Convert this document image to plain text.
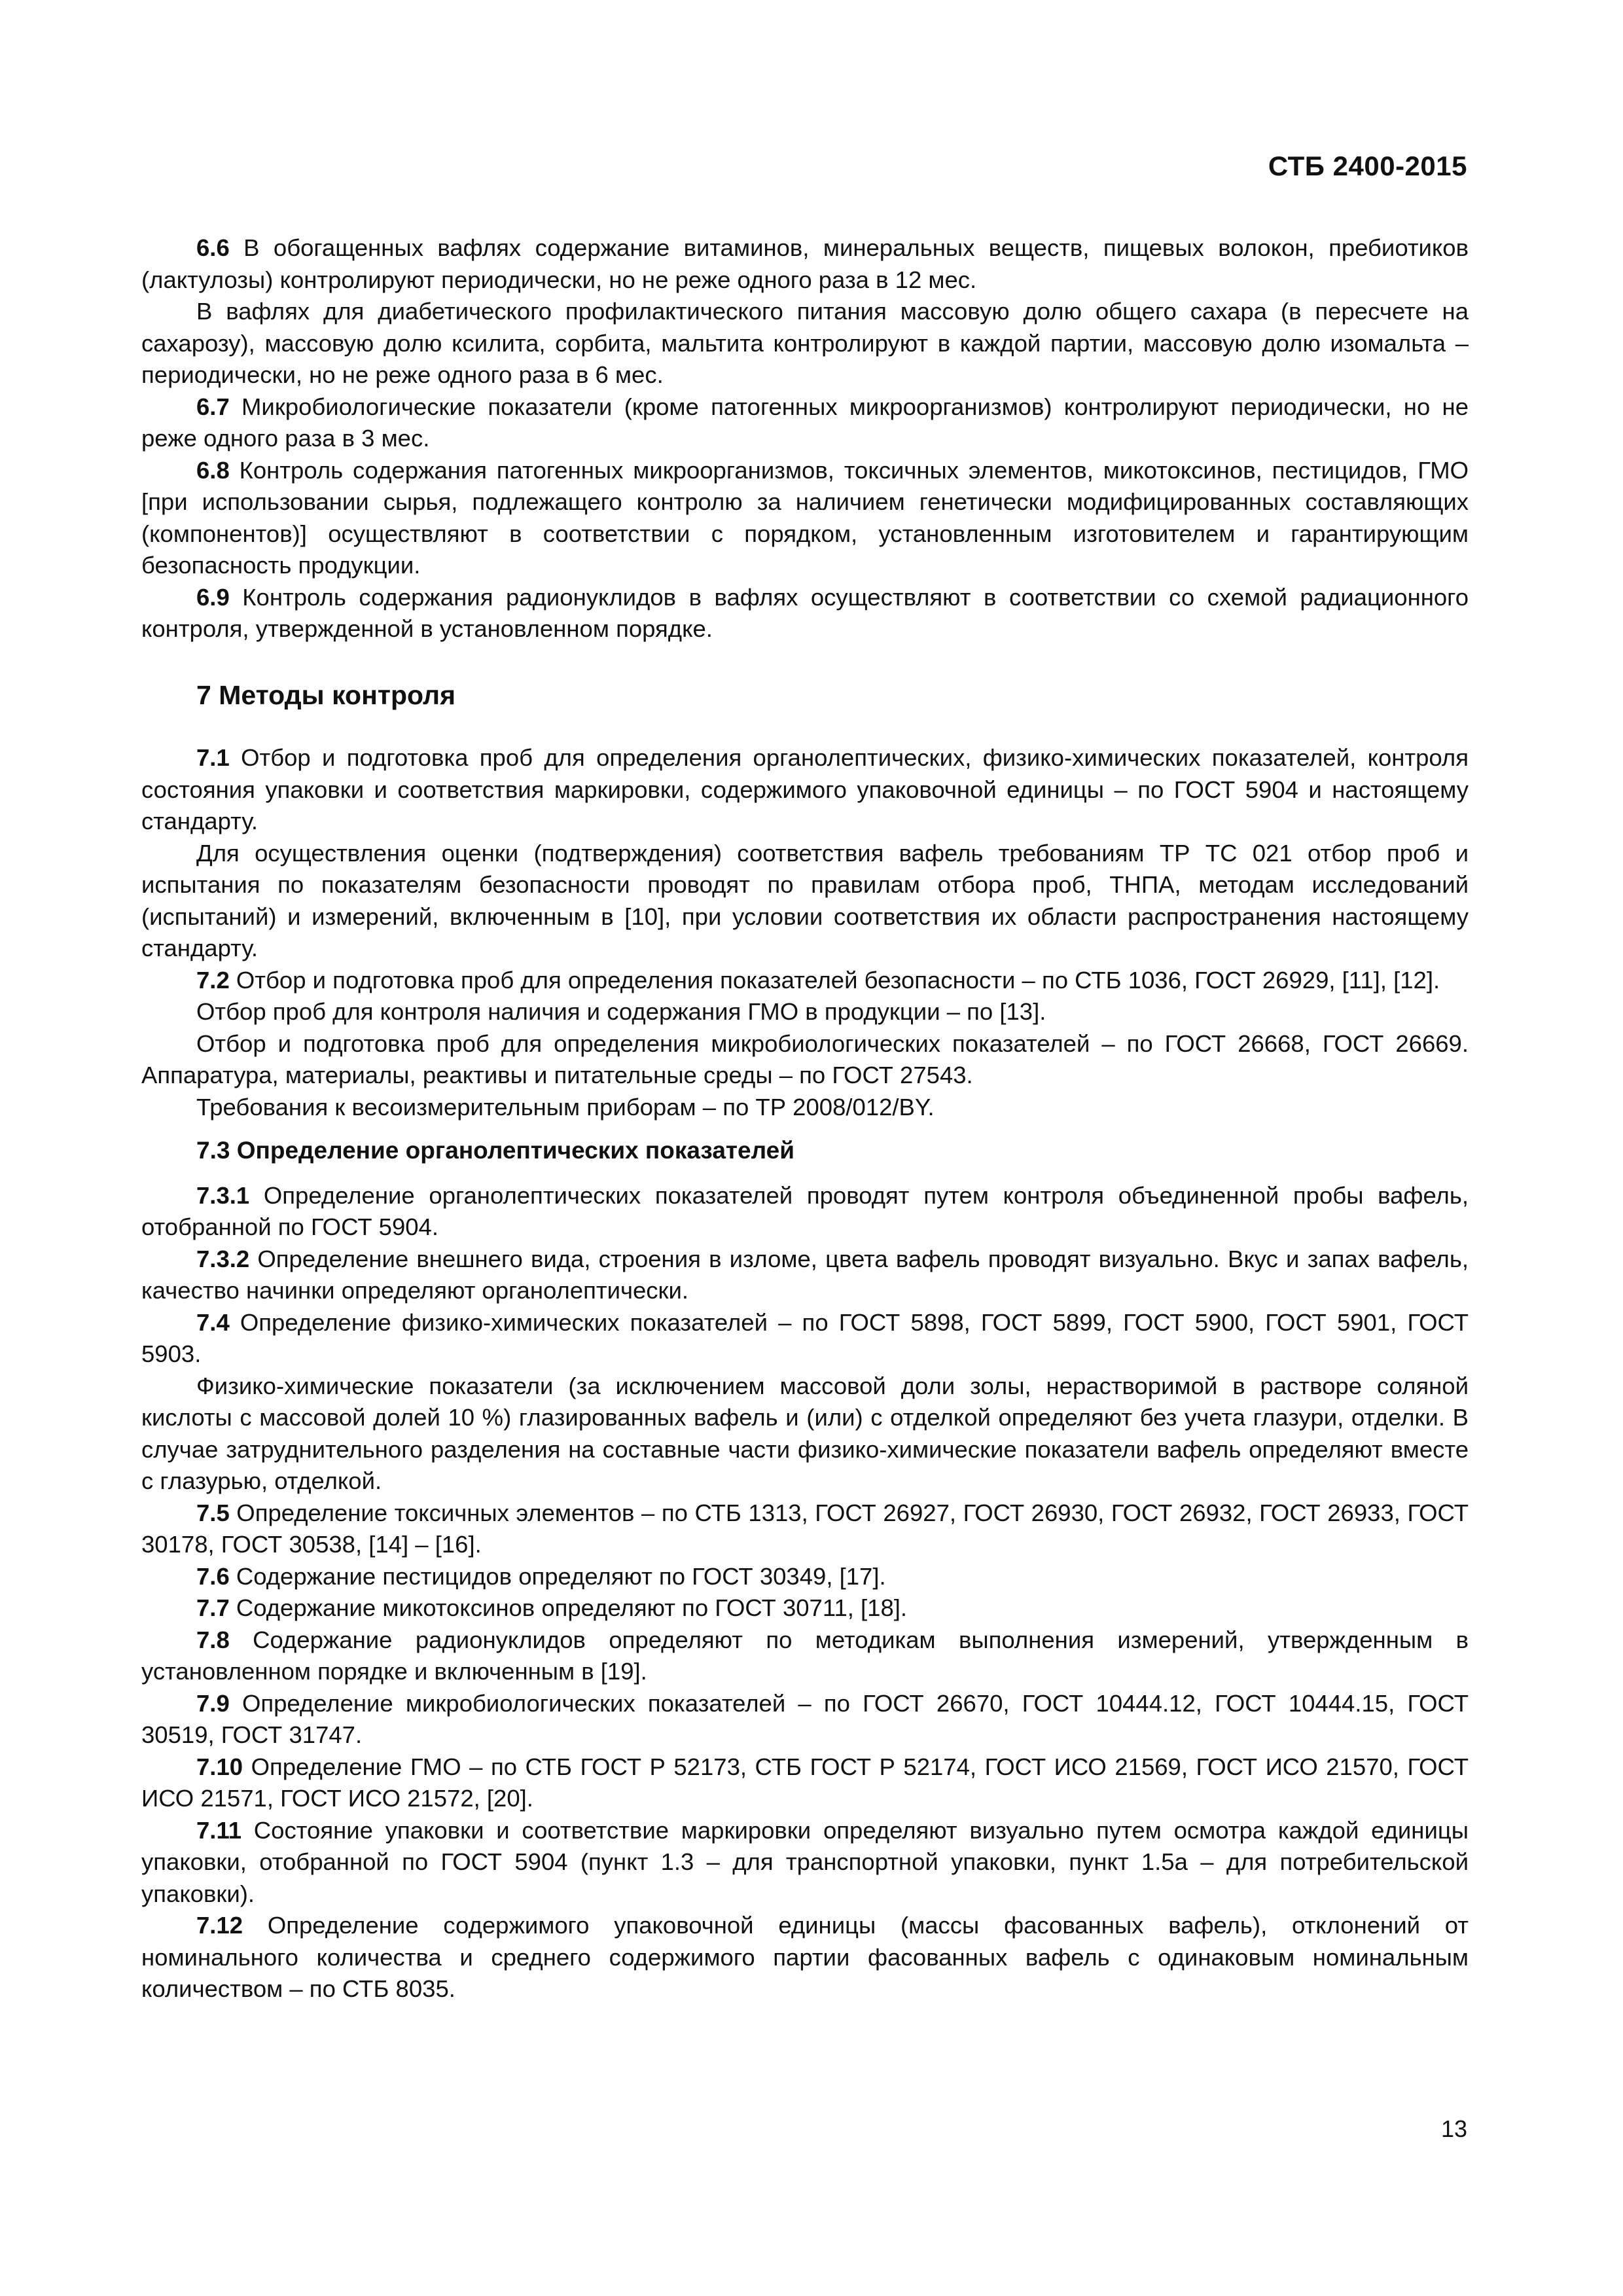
СТБ 2400-2015

6.6 В обогащенных вафлях содержание витаминов, минеральных веществ, пищевых волокон, пребиотиков (лактулозы) контролируют периодически, но не реже одного раза в 12 мес.

В вафлях для диабетического профилактического питания массовую долю общего сахара (в пересчете на сахарозу), массовую долю ксилита, сорбита, мальтита контролируют в каждой партии, массовую долю изомальта – периодически, но не реже одного раза в 6 мес.

6.7 Микробиологические показатели (кроме патогенных микроорганизмов) контролируют периодически, но не реже одного раза в 3 мес.

6.8 Контроль содержания патогенных микроорганизмов, токсичных элементов, микотоксинов, пестицидов, ГМО [при использовании сырья, подлежащего контролю за наличием генетически модифицированных составляющих (компонентов)] осуществляют в соответствии с порядком, установленным изготовителем и гарантирующим безопасность продукции.

6.9 Контроль содержания радионуклидов в вафлях осуществляют в соответствии со схемой радиационного контроля, утвержденной в установленном порядке.

7 Методы контроля

7.1 Отбор и подготовка проб для определения органолептических, физико-химических показателей, контроля состояния упаковки и соответствия маркировки, содержимого упаковочной единицы – по ГОСТ 5904 и настоящему стандарту.

Для осуществления оценки (подтверждения) соответствия вафель требованиям ТР ТС 021 отбор проб и испытания по показателям безопасности проводят по правилам отбора проб, ТНПА, методам исследований (испытаний) и измерений, включенным в [10], при условии соответствия их области распространения настоящему стандарту.

7.2 Отбор и подготовка проб для определения показателей безопасности – по СТБ 1036, ГОСТ 26929, [11], [12].

Отбор проб для контроля наличия и содержания ГМО в продукции – по [13].

Отбор и подготовка проб для определения микробиологических показателей – по ГОСТ 26668, ГОСТ 26669. Аппаратура, материалы, реактивы и питательные среды – по ГОСТ 27543.

Требования к весоизмерительным приборам – по ТР 2008/012/BY.

7.3 Определение органолептических показателей

7.3.1 Определение органолептических показателей проводят путем контроля объединенной пробы вафель, отобранной по ГОСТ 5904.

7.3.2 Определение внешнего вида, строения в изломе, цвета вафель проводят визуально. Вкус и запах вафель, качество начинки определяют органолептически.

7.4 Определение физико-химических показателей – по ГОСТ 5898, ГОСТ 5899, ГОСТ 5900, ГОСТ 5901, ГОСТ 5903.

Физико-химические показатели (за исключением массовой доли золы, нерастворимой в растворе соляной кислоты с массовой долей 10 %) глазированных вафель и (или) с отделкой определяют без учета глазури, отделки. В случае затруднительного разделения на составные части физико-химические показатели вафель определяют вместе с глазурью, отделкой.

7.5 Определение токсичных элементов – по СТБ 1313, ГОСТ 26927, ГОСТ 26930, ГОСТ 26932, ГОСТ 26933, ГОСТ 30178, ГОСТ 30538, [14] – [16].

7.6 Содержание пестицидов определяют по ГОСТ 30349, [17].

7.7 Содержание микотоксинов определяют по ГОСТ 30711, [18].

7.8 Содержание радионуклидов определяют по методикам выполнения измерений, утвержденным в установленном порядке и включенным в [19].

7.9 Определение микробиологических показателей – по ГОСТ 26670, ГОСТ 10444.12, ГОСТ 10444.15, ГОСТ 30519, ГОСТ 31747.

7.10 Определение ГМО – по СТБ ГОСТ Р 52173, СТБ ГОСТ Р 52174, ГОСТ ИСО 21569, ГОСТ ИСО 21570, ГОСТ ИСО 21571, ГОСТ ИСО 21572, [20].

7.11 Состояние упаковки и соответствие маркировки определяют визуально путем осмотра каждой единицы упаковки, отобранной по ГОСТ 5904 (пункт 1.3 – для транспортной упаковки, пункт 1.5а – для потребительской упаковки).

7.12 Определение содержимого упаковочной единицы (массы фасованных вафель), отклонений от номинального количества и среднего содержимого партии фасованных вафель с одинаковым номинальным количеством – по СТБ 8035.

13
